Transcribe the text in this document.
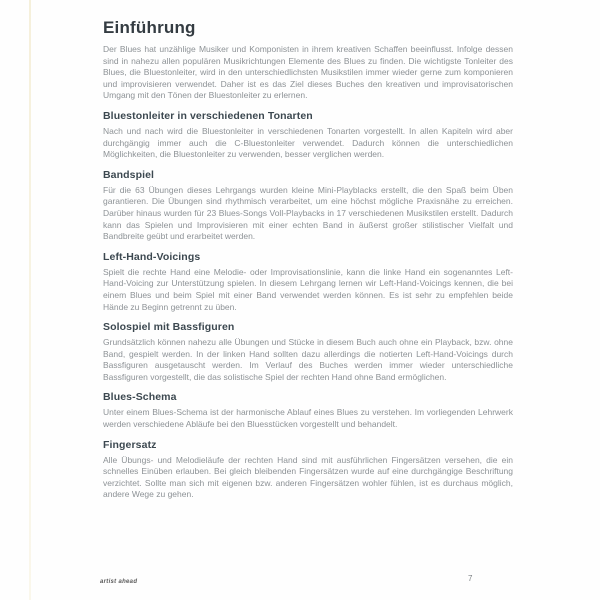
Einführung

Der Blues hat unzählige Musiker und Komponisten in ihrem kreativen Schaffen beeinflusst. Infolge dessen sind in nahezu allen populären Musikrichtungen Elemente des Blues zu finden. Die wichtigste Tonleiter des Blues, die Bluestonleiter, wird in den unterschiedlichsten Musikstilen immer wieder gerne zum komponieren und improvisieren verwendet. Daher ist es das Ziel dieses Buches den kreativen und improvisatorischen Umgang mit den Tönen der Bluestonleiter zu erlernen.

Bluestonleiter in verschiedenen Tonarten

Nach und nach wird die Bluestonleiter in verschiedenen Tonarten vorgestellt. In allen Kapiteln wird aber durchgängig immer auch die C-Bluestonleiter verwendet. Dadurch können die unterschiedlichen Möglichkeiten, die Bluestonleiter zu verwenden, besser verglichen werden.

Bandspiel

Für die 63 Übungen dieses Lehrgangs wurden kleine Mini-Playblacks erstellt, die den Spaß beim Üben garantieren. Die Übungen sind rhythmisch verarbeitet, um eine höchst mögliche Praxisnähe zu erreichen. Darüber hinaus wurden für 23 Blues-Songs Voll-Playbacks in 17 verschiedenen Musikstilen erstellt. Dadurch kann das Spielen und Improvisieren mit einer echten Band in äußerst großer stilistischer Vielfalt und Bandbreite geübt und erarbeitet werden.

Left-Hand-Voicings

Spielt die rechte Hand eine Melodie- oder Improvisationslinie, kann die linke Hand ein sogenanntes Left-Hand-Voicing zur Unterstützung spielen. In diesem Lehrgang lernen wir Left-Hand-Voicings kennen, die bei einem Blues und beim Spiel mit einer Band verwendet werden können. Es ist sehr zu empfehlen beide Hände zu Beginn getrennt zu üben.

Solospiel mit Bassfiguren

Grundsätzlich können nahezu alle Übungen und Stücke in diesem Buch auch ohne ein Playback, bzw. ohne Band, gespielt werden. In der linken Hand sollten dazu allerdings die notierten Left-Hand-Voicings durch Bassfiguren ausgetauscht werden. Im Verlauf des Buches werden immer wieder unterschiedliche Bassfiguren vorgestellt, die das solistische Spiel der rechten Hand ohne Band ermöglichen.

Blues-Schema

Unter einem Blues-Schema ist der harmonische Ablauf eines Blues zu verstehen. Im vorliegenden Lehrwerk werden verschiedene Abläufe bei den Bluesstücken vorgestellt und behandelt.

Fingersatz

Alle Übungs- und Melodieläufe der rechten Hand sind mit ausführlichen Fingersätzen versehen, die ein schnelles Einüben erlauben. Bei gleich bleibenden Fingersätzen wurde auf eine durchgängige Beschriftung verzichtet. Sollte man sich mit eigenen bzw. anderen Fingersätzen wohler fühlen, ist es durchaus möglich, andere Wege zu gehen.

artist ahead	7
